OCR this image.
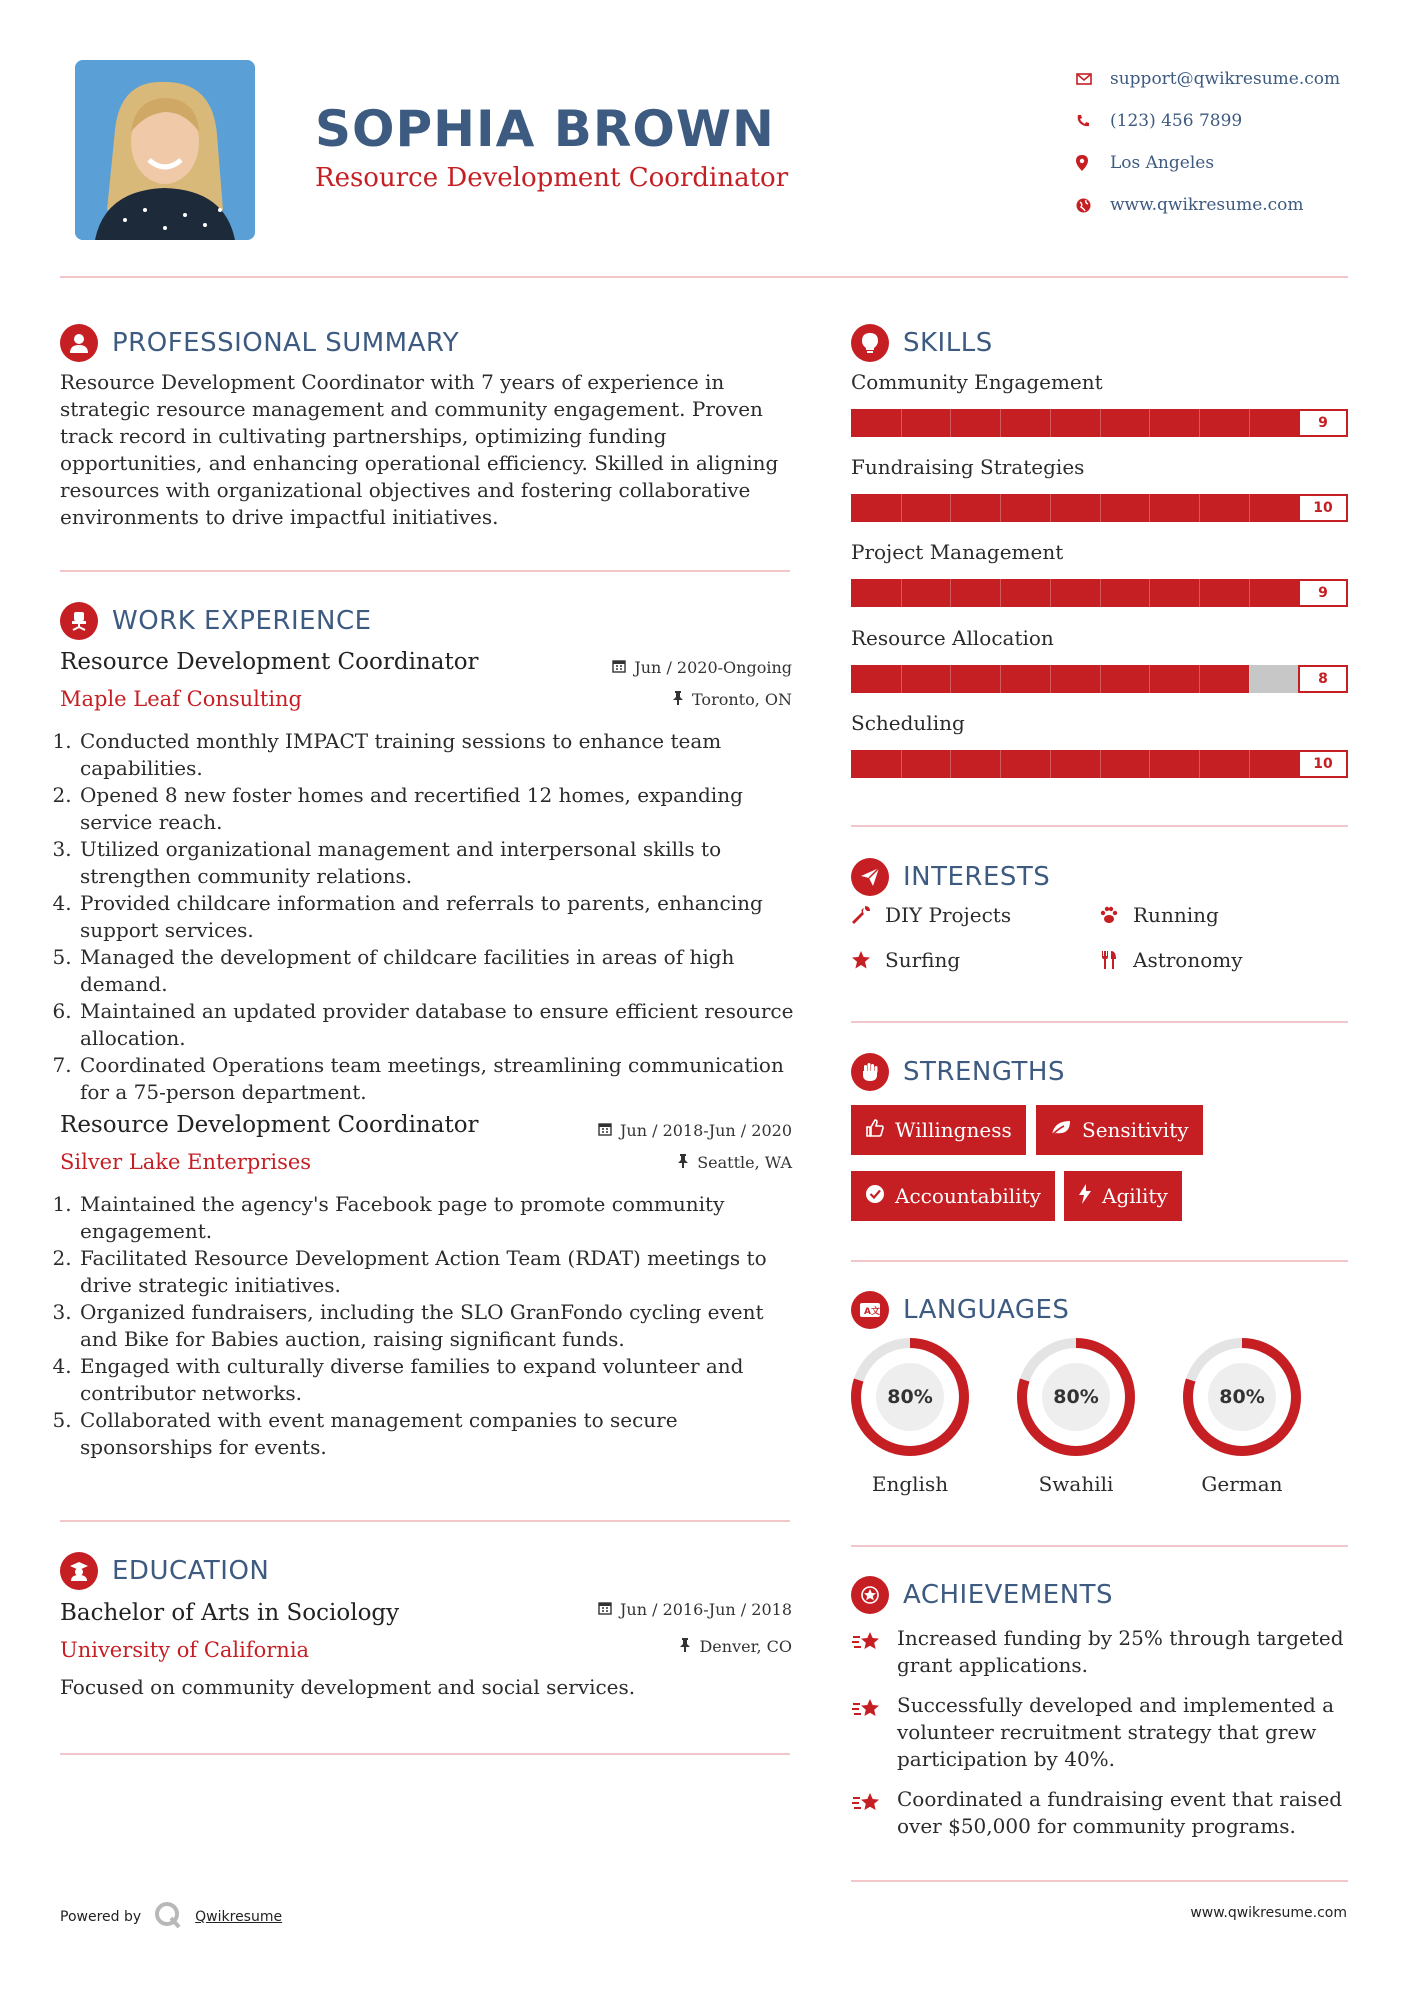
SOPHIA BROWN
Resource Development Coordinator
support@qwikresume.com
(123) 456 7899
Los Angeles
www.qwikresume.com
PROFESSIONAL SUMMARY
Resource Development Coordinator with 7 years of experience in strategic resource management and community engagement. Proven track record in cultivating partnerships, optimizing funding opportunities, and enhancing operational efficiency. Skilled in aligning resources with organizational objectives and fostering collaborative environments to drive impactful initiatives.
WORK EXPERIENCE
Resource Development Coordinator
Maple Leaf Consulting
Jun / 2020-Ongoing
Toronto, ON
1. Conducted monthly IMPACT training sessions to enhance team capabilities.
2. Opened 8 new foster homes and recertified 12 homes, expanding service reach.
3. Utilized organizational management and interpersonal skills to strengthen community relations.
4. Provided childcare information and referrals to parents, enhancing support services.
5. Managed the development of childcare facilities in areas of high demand.
6. Maintained an updated provider database to ensure efficient resource allocation.
7. Coordinated Operations team meetings, streamlining communication for a 75-person department.
Resource Development Coordinator
Silver Lake Enterprises
Jun / 2018-Jun / 2020
Seattle, WA
1. Maintained the agency's Facebook page to promote community engagement.
2. Facilitated Resource Development Action Team (RDAT) meetings to drive strategic initiatives.
3. Organized fundraisers, including the SLO GranFondo cycling event and Bike for Babies auction, raising significant funds.
4. Engaged with culturally diverse families to expand volunteer and contributor networks.
5. Collaborated with event management companies to secure sponsorships for events.
EDUCATION
Bachelor of Arts in Sociology
University of California
Jun / 2016-Jun / 2018
Denver, CO
Focused on community development and social services.
SKILLS
Community Engagement
9
Fundraising Strategies
10
Project Management
9
Resource Allocation
8
Scheduling
10
INTERESTS
DIY Projects	Running
Surfing	Astronomy
STRENGTHS
Willingness	Sensitivity
Accountability	Agility
A 文 LANGUAGES
80%
English
80%
Swahili
80%
German
ACHIEVEMENTS
Increased funding by 25% through targeted grant applications.
Successfully developed and implemented a volunteer recruitment strategy that grew participation by 40%.
Coordinated a fundraising event that raised over $50,000 for community programs.
Powered by	Qwikresume	www.qwikresume.com
